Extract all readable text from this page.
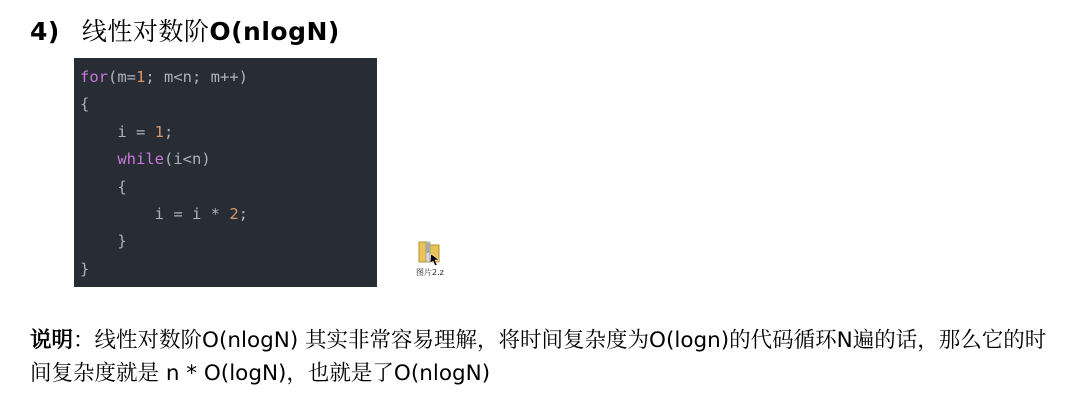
4) 线性对数阶O(nlogN)
for(m=1; m<n; m++)
{
i = 1;
while(i<n)
{
i = i * 2;
}
}	图片2.z
说明：线性对数阶O(nlogN) 其实非常容易理解，将时间复杂度为O(logn)的代码循环N遍的话，那么它的时间复杂度就是 n * O(logN)，也就是了O(nlogN)
